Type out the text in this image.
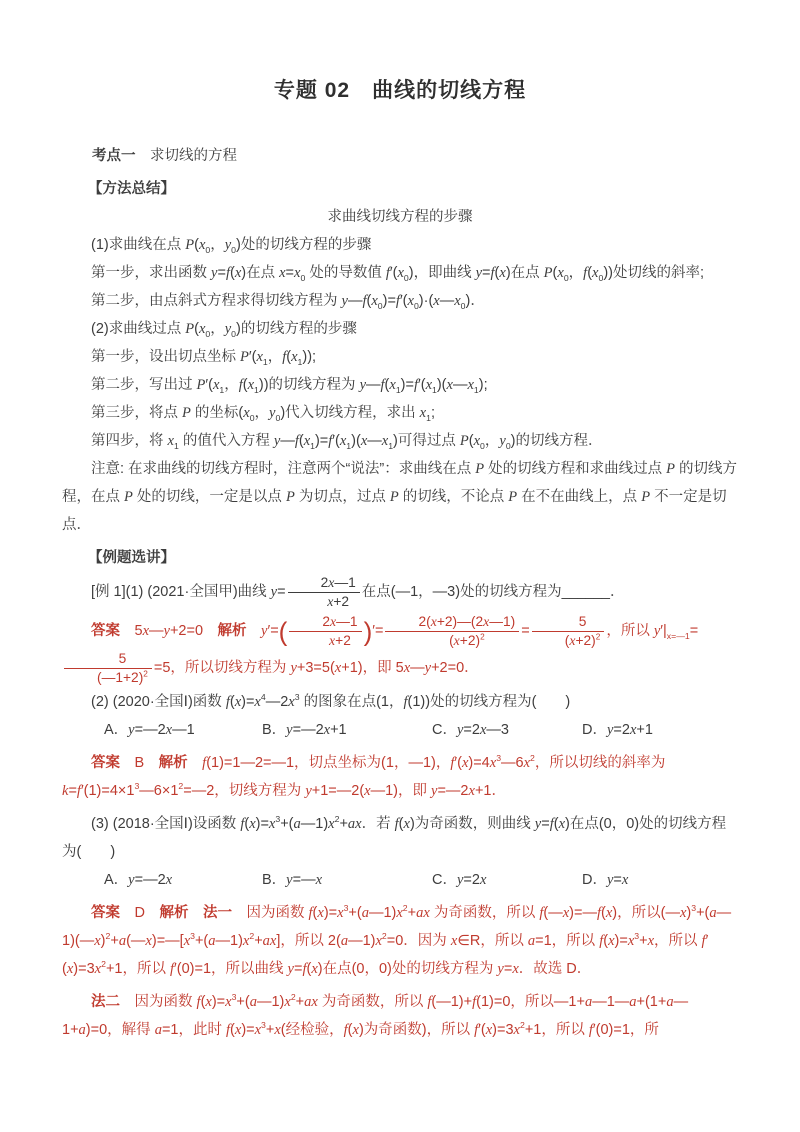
专题 02　曲线的切线方程

考点一　求切线的方程

【方法总结】

求曲线切线方程的步骤

(1)求曲线在点 $P(x_0$，$y_0$)处的切线方程的步骤

第一步，求出函数 y=f(x)在点 $x=x_0$ 处的导数值 $f'(x_0)$，即曲线 y=f(x)在点 $P(x_0$，$f(x_0)$)处切线的斜率;

第二步，由点斜式方程求得切线方程为 $y—f(x_0)=f'(x_0)\cdot(x—x_0)$．

(2)求曲线过点 $P(x_0$，$y_0$)的切线方程的步骤

第一步，设出切点坐标 $P'(x_1$，$f(x_1)$);

第二步，写出过 $P'(x_1$，$f(x_1)$)的切线方程为 $y—f(x_1)=f'(x_1)(x—x_1)$;

第三步，将点 P 的坐标($x_0$，$y_0$)代入切线方程，求出 $x_1$;

第四步，将 $x_1$ 的值代入方程 $y—f(x_1)=f'(x_1)(x—x_1)$可得过点 $P(x_0$，$y_0$)的切线方程．

注意: 在求曲线的切线方程时，注意两个“说法”：求曲线在点 P 处的切线方程和求曲线过点 P 的切线方程，在点 P 处的切线，一定是以点 P 为切点，过点 P 的切线，不论点 P 在不在曲线上，点 P 不一定是切点．

【例题选讲】

[例 1](1) (2021·全国甲)曲线 $y= \frac{2x—1}{x+2}$ 在点(—1，—3)处的切线方程为______．

答案　5x—y+2=0　解析　 $y'=( \frac{2x—1}{x+2}$ )′= $\frac{2(x+2)—(2x—1)}{(x+2)^2} = \frac{5}{(x+2)^2}$ ，所以 $y'|_{x=—1}=$
$\frac{5}{(—1+2)^2} =5$，所以切线方程为 y+3=5(x+1)，即 5x—y+2=0．

(2) (2020·全国Ⅰ)函数 $f(x)=x^4—2x^3$ 的图象在点(1，f(1))处的切线方程为(　　)

A．y=—2x—1	B．y=—2x+1	C．y=2x—3	D．y=2x+1

答案　B　解析　 f(1)=1—2=—1，切点坐标为(1，—1)，$f'(x)=4x^3—6x^2$，所以切线的斜率为 $k=f'(1)=4\times 1^3—6\times 1^2=—2$，切线方程为 y+1=—2(x—1)，即 y=—2x+1．

(3) (2018·全国Ⅰ)设函数 $f(x)=x^3+(a—1)x^2+ax$．若 f(x)为奇函数，则曲线 y=f(x)在点(0，0)处的切线方程为(　　)

A．y=—2x	B．y=—x	C．y=2x	D．y=x

答案　D　解析　 法一　因为函数 $f(x)=x^3+(a—1)x^2+ax$ 为奇函数，所以 f(—x)=—f(x)，所以$(—x)^3+(a—1)(—x)^2+a(—x)=—[x^3+(a—1)x^2+ax]$，所以 $2(a—1)x^2=0$．因为 x∈R，所以 a=1，所以 $f(x)=x^3+x$，所以 $f'(x)=3x^2+1$，所以 f′(0)=1，所以曲线 y=f(x)在点(0，0)处的切线方程为 y=x．故选 D．

法二　因为函数 $f(x)=x^3+(a—1)x^2+ax$ 为奇函数，所以 f(—1)+f(1)=0，所以—1+a—1—a+(1+a—1+a)=0，解得 a=1，此时 $f(x)=x^3+x$(经检验，f(x)为奇函数)，所以 $f'(x)=3x^2+1$，所以 f′(0)=1，所
